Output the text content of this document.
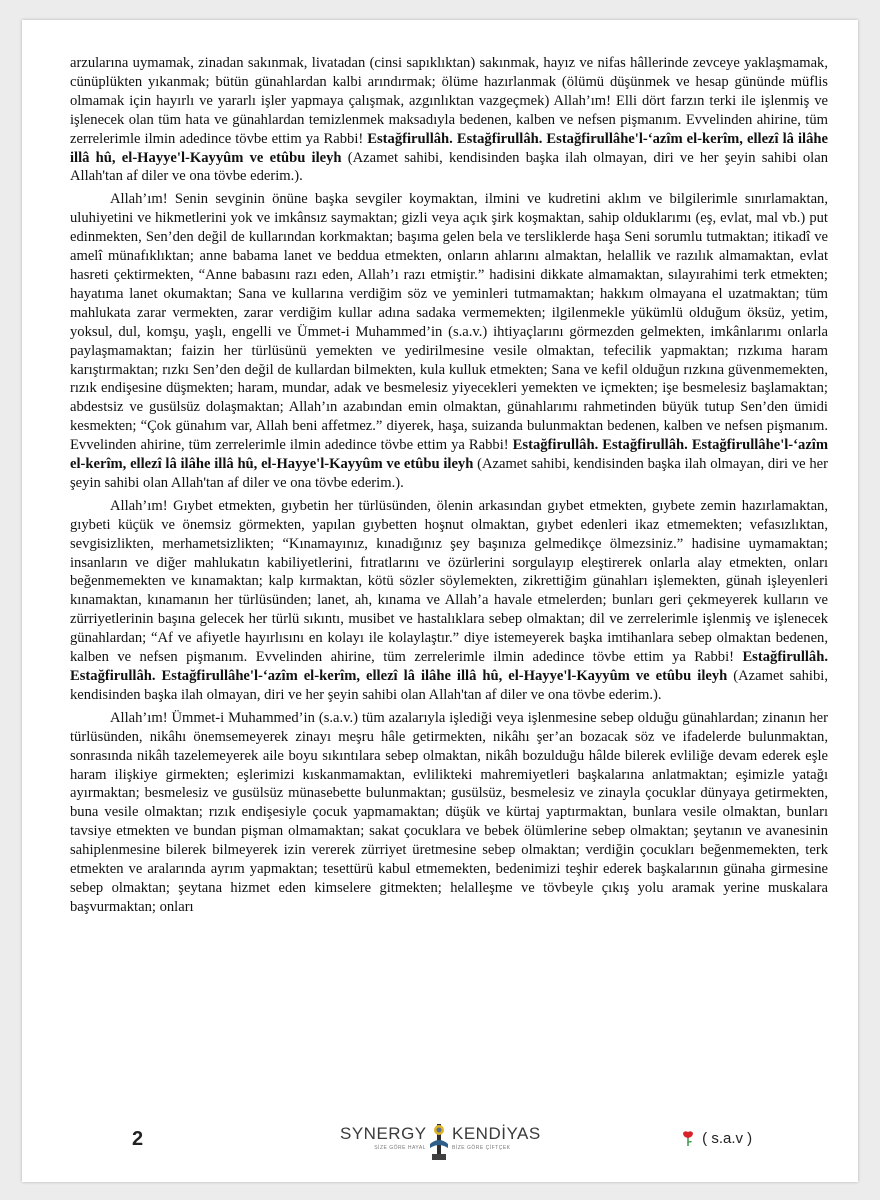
arzularına uymamak, zinadan sakınmak, livatadan (cinsi sapıklıktan) sakınmak, hayız ve nifas hâllerinde zevceye yaklaşmamak, cünüplükten yıkanmak; bütün günahlardan kalbi arındırmak; ölüme hazırlanmak (ölümü düşünmek ve hesap gününde müflis olmamak için hayırlı ve yararlı işler yapmaya çalışmak, azgınlıktan vazgeçmek) Allah’ım! Elli dört farzın terki ile işlenmiş ve işlenecek olan tüm hata ve günahlardan temizlenmek maksadıyla bedenen, kalben ve nefsen pişmanım. Evvelinden ahirine, tüm zerrelerimle ilmin adedince tövbe ettim ya Rabbi! Estağfirullâh. Estağfirullâh. Estağfirullâhe'l-‘azîm el-kerîm, ellezî lâ ilâhe illâ hû, el-Hayye'l-Kayyûm ve etûbu ileyh (Azamet sahibi, kendisinden başka ilah olmayan, diri ve her şeyin sahibi olan Allah'tan af diler ve ona tövbe ederim.).

Allah’ım! Senin sevginin önüne başka sevgiler koymaktan, ilmini ve kudretini aklım ve bilgilerimle sınırlamaktan, uluhiyetini ve hikmetlerini yok ve imkânsız saymaktan; gizli veya açık şirk koşmaktan, sahip olduklarımı (eş, evlat, mal vb.) put edinmekten, Sen’den değil de kullarından korkmaktan; başıma gelen bela ve tersliklerde haşa Seni sorumlu tutmaktan; itikadî ve amelî münafıklıktan; anne babama lanet ve beddua etmekten, onların ahlarını almaktan, helallik ve razılık almamaktan, evlat hasreti çektirmekten, “Anne babasını razı eden, Allah’ı razı etmiştir.” hadisini dikkate almamaktan, sılayırahimi terk etmekten; hayatıma lanet okumaktan; Sana ve kullarına verdiğim söz ve yeminleri tutmamaktan; hakkım olmayana el uzatmaktan; tüm mahlukata zarar vermekten, zarar verdiğim kullar adına sadaka vermemekten; ilgilenmekle yükümlü olduğum öksüz, yetim, yoksul, dul, komşu, yaşlı, engelli ve Ümmet-i Muhammed’in (s.a.v.) ihtiyaçlarını görmezden gelmekten, imkânlarımı onlarla paylaşmamaktan; faizin her türlüsünü yemekten ve yedirilmesine vesile olmaktan, tefecilik yapmaktan; rızkıma haram karıştırmaktan; rızkı Sen’den değil de kullardan bilmekten, kula kulluk etmekten; Sana ve kefil olduğun rızkına güvenmemekten, rızık endişesine düşmekten; haram, mundar, adak ve besmelesiz yiyecekleri yemekten ve içmekten; işe besmelesiz başlamaktan; abdestsiz ve gusülsüz dolaşmaktan; Allah’ın azabından emin olmaktan, günahlarımı rahmetinden büyük tutup Sen’den ümidi kesmekten; “Çok günahım var, Allah beni affetmez.” diyerek, haşa, suizanda bulunmaktan bedenen, kalben ve nefsen pişmanım. Evvelinden ahirine, tüm zerrelerimle ilmin adedince tövbe ettim ya Rabbi! Estağfirullâh. Estağfirullâh. Estağfirullâhe'l-‘azîm el-kerîm, ellezî lâ ilâhe illâ hû, el-Hayye'l-Kayyûm ve etûbu ileyh (Azamet sahibi, kendisinden başka ilah olmayan, diri ve her şeyin sahibi olan Allah'tan af diler ve ona tövbe ederim.).

Allah’ım! Gıybet etmekten, gıybetin her türlüsünden, ölenin arkasından gıybet etmekten, gıybete zemin hazırlamaktan, gıybeti küçük ve önemsiz görmekten, yapılan gıybetten hoşnut olmaktan, gıybet edenleri ikaz etmemekten; vefasızlıktan, sevgisizlikten, merhametsizlikten; “Kınamayınız, kınadığınız şey başınıza gelmedikçe ölmezsiniz.” hadisine uymamaktan; insanların ve diğer mahlukatın kabiliyetlerini, fıtratlarını ve özürlerini sorgulayıp eleştirerek onlarla alay etmekten, onları beğenmemekten ve kınamaktan; kalp kırmaktan, kötü sözler söylemekten, zikrettiğim günahları işlemekten, günah işleyenleri kınamaktan, kınamanın her türlüsünden; lanet, ah, kınama ve Allah’a havale etmelerden; bunları geri çekmeyerek kulların ve zürriyetlerinin başına gelecek her türlü sıkıntı, musibet ve hastalıklara sebep olmaktan; dil ve zerrelerimle işlenmiş ve işlenecek günahlardan; “Af ve afiyetle hayırlısını en kolayı ile kolaylaştır.” diye istemeyerek başka imtihanlara sebep olmaktan bedenen, kalben ve nefsen pişmanım. Evvelinden ahirine, tüm zerrelerimle ilmin adedince tövbe ettim ya Rabbi! Estağfirullâh. Estağfirullâh. Estağfirullâhe'l-‘azîm el-kerîm, ellezî lâ ilâhe illâ hû, el-Hayye'l-Kayyûm ve etûbu ileyh (Azamet sahibi, kendisinden başka ilah olmayan, diri ve her şeyin sahibi olan Allah'tan af diler ve ona tövbe ederim.).

Allah’ım! Ümmet-i Muhammed’in (s.a.v.) tüm azalarıyla işlediği veya işlenmesine sebep olduğu günahlardan; zinanın her türlüsünden, nikâhı önemsemeyerek zinayı meşru hâle getirmekten, nikâhı şer’an bozacak söz ve ifadelerde bulunmaktan, sonrasında nikâh tazelemeyerek aile boyu sıkıntılara sebep olmaktan, nikâh bozulduğu hâlde bilerek evliliğe devam ederek eşle haram ilişkiye girmekten; eşlerimizi kıskanmamaktan, evlilikteki mahremiyetleri başkalarına anlatmaktan; eşimizle yatağı ayırmaktan; besmelesiz ve gusülsüz münasebette bulunmaktan; gusülsüz, besmelesiz ve zinayla çocuklar dünyaya getirmekten, buna vesile olmaktan; rızık endişesiyle çocuk yapmamaktan; düşük ve kürtaj yaptırmaktan, bunlara vesile olmaktan, bunları tavsiye etmekten ve bundan pişman olmamaktan; sakat çocuklara ve bebek ölümlerine sebep olmaktan; şeytanın ve avanesinin sahiplenmesine bilerek bilmeyerek izin vererek zürriyet üretmesine sebep olmaktan; verdiğin çocukları beğenmemekten, terk etmekten ve aralarında ayrım yapmaktan; tesettürü kabul etmemekten, bedenimizi teşhir ederek başkalarının günaha girmesine sebep olmaktan; şeytana hizmet eden kimselere gitmekten; helalleşme ve tövbeyle çıkış yolu aramak yerine muskalara başvurmaktan; onları

2	SYNERGY
SİZE GÖRE HAYAL
KENDİYAS
BİZE GÖRE ÇİFTÇEK
( s.a.v )
